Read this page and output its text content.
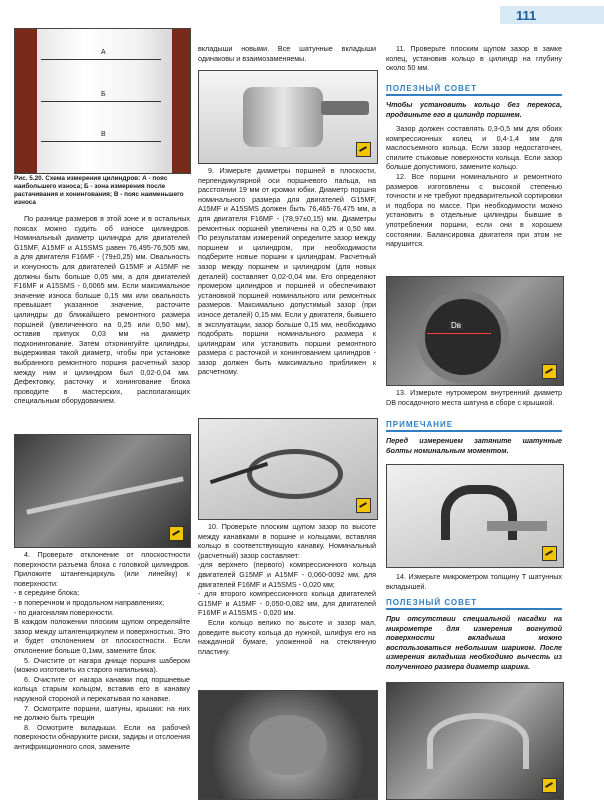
111
А
Б
В

Рис. 5.20. Схема измерения цилиндров: А - пояс наибольшего износа; Б - зона измерения после растачивания и хонингования; В - пояс наименьшего износа

По разнице размеров в этой зоне и в остальных поясах можно судить об износе цилиндров. Номинальный диаметр цилиндра для двигателей G15MF, A15MF и A15SMS равен 76,495-76,505 мм, а для двигателя F16MF - (79±0,25) мм. Овальность и конусность для двигателей G15MF и A15MF не должны быть больше 0,05 мм, а для двигателей F16MF и A15SMS - 0,0065 мм. Если максимальное значение износа больше 0,15 мм или овальность превышает указанное значение, расточите цилиндры до ближайшего ремонтного размера поршней (увеличенного на 0,25 или 0,50 мм), оставив припуск 0,03 мм на диаметр подхонингование. Затем отхонингуйте цилиндры, выдерживая такой диаметр, чтобы при установке выбранного ремонтного поршня расчетный зазор между ним и цилиндром был 0,02-0,04 мм. Дефектовку, расточку и хонингование блока проводите в мастерских, располагающих специальным оборудованием.

4. Проверьте отклонение от плоскостности поверхности разъема блока с головкой цилиндров. Приложите штангенциркуль (или линейку) к поверхности:

- в середине блока;

- в поперечном и продольном направлениях;

- по диагоналям поверхности.

В каждом положении плоским щупом определяйте зазор между штангенциркулем и поверхностью. Это и будет отклонением от плоскостности. Если отклонение больше 0,1мм, замените блок.

5. Очистите от нагара днище поршня шабером (можно изготовить из старого напильника).

6. Очистите от нагара канавки под поршневые кольца старым кольцом, вставив его в канавку наружной стороной и перекатывая по канавке.

7. Осмотрите поршни, шатуны, крышки: на них не должно быть трещин

8. Осмотрите вкладыши. Если на рабочей поверхности обнаружите риски, задиры и отслоения антифрикционного слоя, замените

вкладыши новыми. Все шатунные вкладыши одинаковы и взаимозаменяемы.

9. Измерьте диаметры поршней в плоскости, перпендикулярной оси поршневого пальца, на расстоянии 19 мм от кромки юбки. Диаметр поршня номинального размера для двигателей G15MF, A15MF и A15SMS должен быть 76,465-76,475 мм, а для двигателя F16MF - (78,97±0,15) мм. Диаметры ремонтных поршней увеличены на 0,25 и 0,50 мм. По результатам измерений определите зазор между поршнем и цилиндром, при необходимости подберите новые поршни к цилиндрам. Расчетный зазор между поршнем и цилиндром (для новых деталей) составляет 0,02-0,04 мм. Его определяют промером цилиндров и поршней и обеспечивают установкой поршней номинального или ремонтных размеров. Максимально допустимый зазор (при износе деталей) 0,15 мм. Если у двигателя, бывшего в эксплуатации, зазор больше 0,15 мм, необходимо подобрать поршни номинального размера к цилиндрам или установить поршни ремонтного размера с расточкой и хонингованием цилиндров - зазор должен быть максимально приближен к расчетному.

10. Проверьте плоским щупом зазор по высоте между канавками в поршне и кольцами, вставляя кольцо в соответствующую канавку. Номинальный (расчетный) зазор составляет:

-для верхнего (первого) компрессионного кольца двигателей G15MF и A15MF - 0,060-0092 мм, для двигателей F16MF и A15SMS - 0,020 мм;

- для второго компрессионного кольца двигателей G15MF и A15MF - 0,050-0,082 мм, для двигателей F16MF и A15SMS - 0,020 мм.

Если кольцо велико по высоте и зазор мал, доведите высоту кольца до нужной, шлифуя его на наждачной бумаге, уложенной на стеклянную пластину.

11. Проверьте плоским щупом зазор в замке колец, установив кольцо в цилиндр на глубину около 50 мм.

ПОЛЕЗНЫЙ СОВЕТ

Чтобы установить кольцо без перекоса, продвиньте его в цилиндр поршнем.

Зазор должен составлять 0,3-0,5 мм для обоих компрессионных колец и 0,4-1,4 мм для маслосъемного кольца. Если зазор недостаточен, спилите стыковые поверхности кольца. Если зазор больше допустимого, замените кольцо.

12. Все поршни номинального и ремонтного размеров изготовлены с высокой степенью точности и не требуют предварительной сортировки и подбора по массе. При необходимости можно установить в отдельные цилиндры бывшие в употреблении поршни, если они в хорошем состоянии. Балансировка двигателя при этом не нарушится.

Dв

13. Измерьте нутромером внутренний диаметр DB посадочного места шатуна в сборе с крышкой.

ПРИМЕЧАНИЕ

Перед измерением затяните шатунные болты номинальным моментом.

14. Измерьте микрометром толщину Т шатунных вкладышей.

ПОЛЕЗНЫЙ СОВЕТ

При отсутствии специальной насадки на микрометре для измерения вогнутой поверхности вкладыша можно воспользоваться небольшим шариком. После измерения вкладыша необходимо вычесть из полученного размера диаметр шарика.
